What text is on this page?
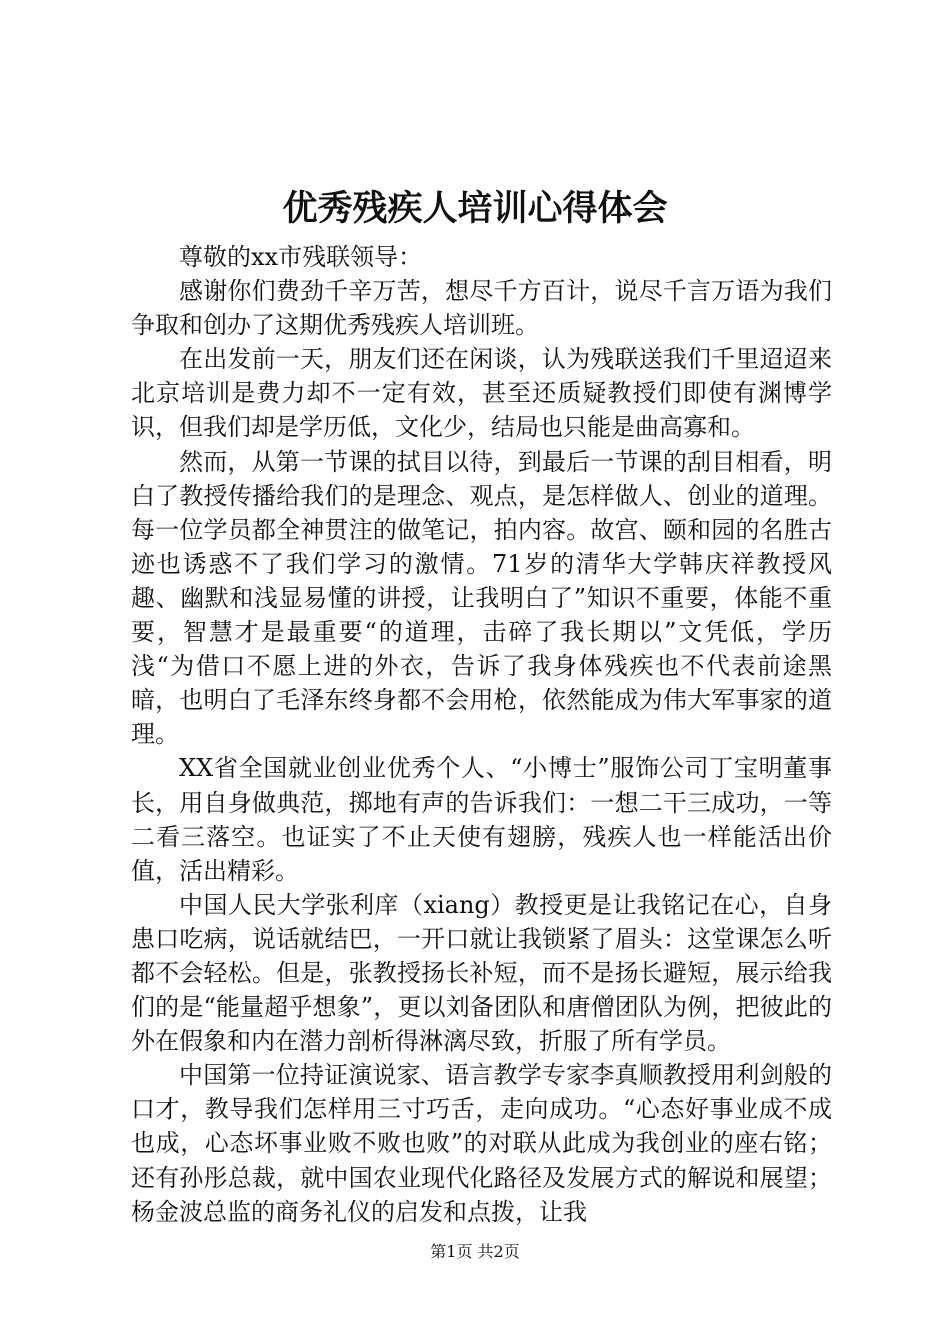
优秀残疾人培训心得体会

尊敬的xx市残联领导：

感谢你们费劲千辛万苦，想尽千方百计，说尽千言万语为我们争取和创办了这期优秀残疾人培训班。

在出发前一天，朋友们还在闲谈，认为残联送我们千里迢迢来北京培训是费力却不一定有效，甚至还质疑教授们即使有渊博学识，但我们却是学历低，文化少，结局也只能是曲高寡和。

然而，从第一节课的拭目以待，到最后一节课的刮目相看，明白了教授传播给我们的是理念、观点，是怎样做人、创业的道理。每一位学员都全神贯注的做笔记，拍内容。故宫、颐和园的名胜古迹也诱惑不了我们学习的激情。71岁的清华大学韩庆祥教授风趣、幽默和浅显易懂的讲授，让我明白了”知识不重要，体能不重要，智慧才是最重要“的道理，击碎了我长期以”文凭低，学历浅“为借口不愿上进的外衣，告诉了我身体残疾也不代表前途黑暗，也明白了毛泽东终身都不会用枪，依然能成为伟大军事家的道理。

XX省全国就业创业优秀个人、“小博士”服饰公司丁宝明董事长，用自身做典范，掷地有声的告诉我们：一想二干三成功，一等二看三落空。也证实了不止天使有翅膀，残疾人也一样能活出价值，活出精彩。

中国人民大学张利庠（xiang）教授更是让我铭记在心，自身患口吃病，说话就结巴，一开口就让我锁紧了眉头：这堂课怎么听都不会轻松。但是，张教授扬长补短，而不是扬长避短，展示给我们的是“能量超乎想象”，更以刘备团队和唐僧团队为例，把彼此的外在假象和内在潜力剖析得淋漓尽致，折服了所有学员。

中国第一位持证演说家、语言教学专家李真顺教授用利剑般的口才，教导我们怎样用三寸巧舌，走向成功。“心态好事业成不成也成，心态坏事业败不败也败”的对联从此成为我创业的座右铭；还有孙彤总裁，就中国农业现代化路径及发展方式的解说和展望；杨金波总监的商务礼仪的启发和点拨，让我

第1页 共2页
